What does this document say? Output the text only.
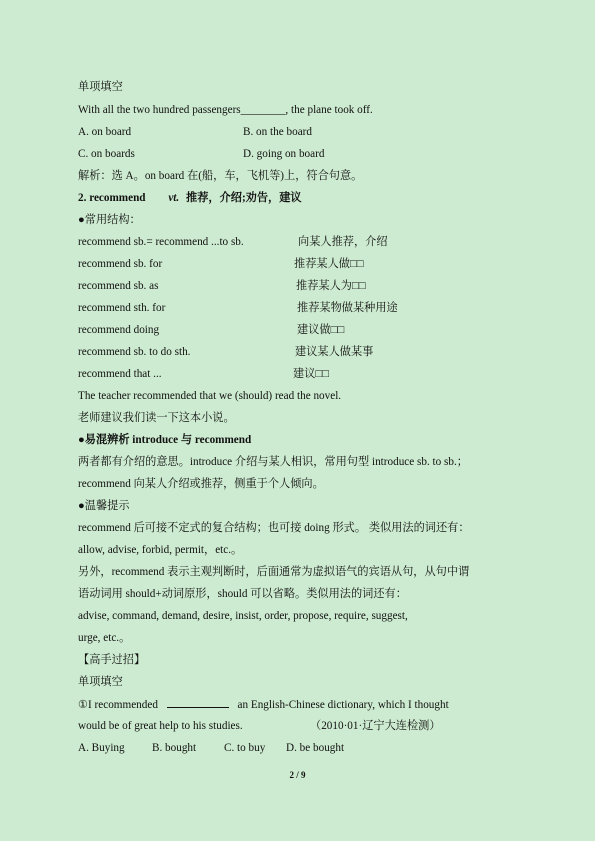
单项填空
With all the two hundred passengers________, the plane took off.
A. on board	B. on the board
C. on boards	D. going on board
解析：选 A。on board 在(船，车，飞机等)上，符合句意。
2. recommend vt. 推荐，介绍;劝告，建议
●常用结构：
recommend sb.= recommend ...to sb.	向某人推荐，介绍
recommend sb. for	推荐某人做□□
recommend sb. as	推荐某人为□□
recommend sth. for	推荐某物做某种用途
recommend doing	建议做□□
recommend sb. to do sth.	建议某人做某事
recommend that ...	建议□□
The teacher recommended that we (should) read the novel.
老师建议我们读一下这本小说。
●易混辨析 introduce 与 recommend
两者都有介绍的意思。introduce 介绍与某人相识，常用句型 introduce sb. to sb.；
recommend 向某人介绍或推荐，侧重于个人倾向。
●温馨提示
recommend 后可接不定式的复合结构；也可接 doing 形式。 类似用法的词还有：
allow, advise, forbid, permit，etc.。
另外，recommend 表示主观判断时，后面通常为虚拟语气的宾语从句，从句中谓
语动词用 should+动词原形，should 可以省略。类似用法的词还有：
advise, command, demand, desire, insist, order, propose, require, suggest,
urge, etc.。
【高手过招】
单项填空
①I recommended	an English-Chinese dictionary, which I thought
would be of great help to his studies.	（2010·01·辽宁大连检测）
A. Buying B. bought C. to buy D. be bought
2 / 9
